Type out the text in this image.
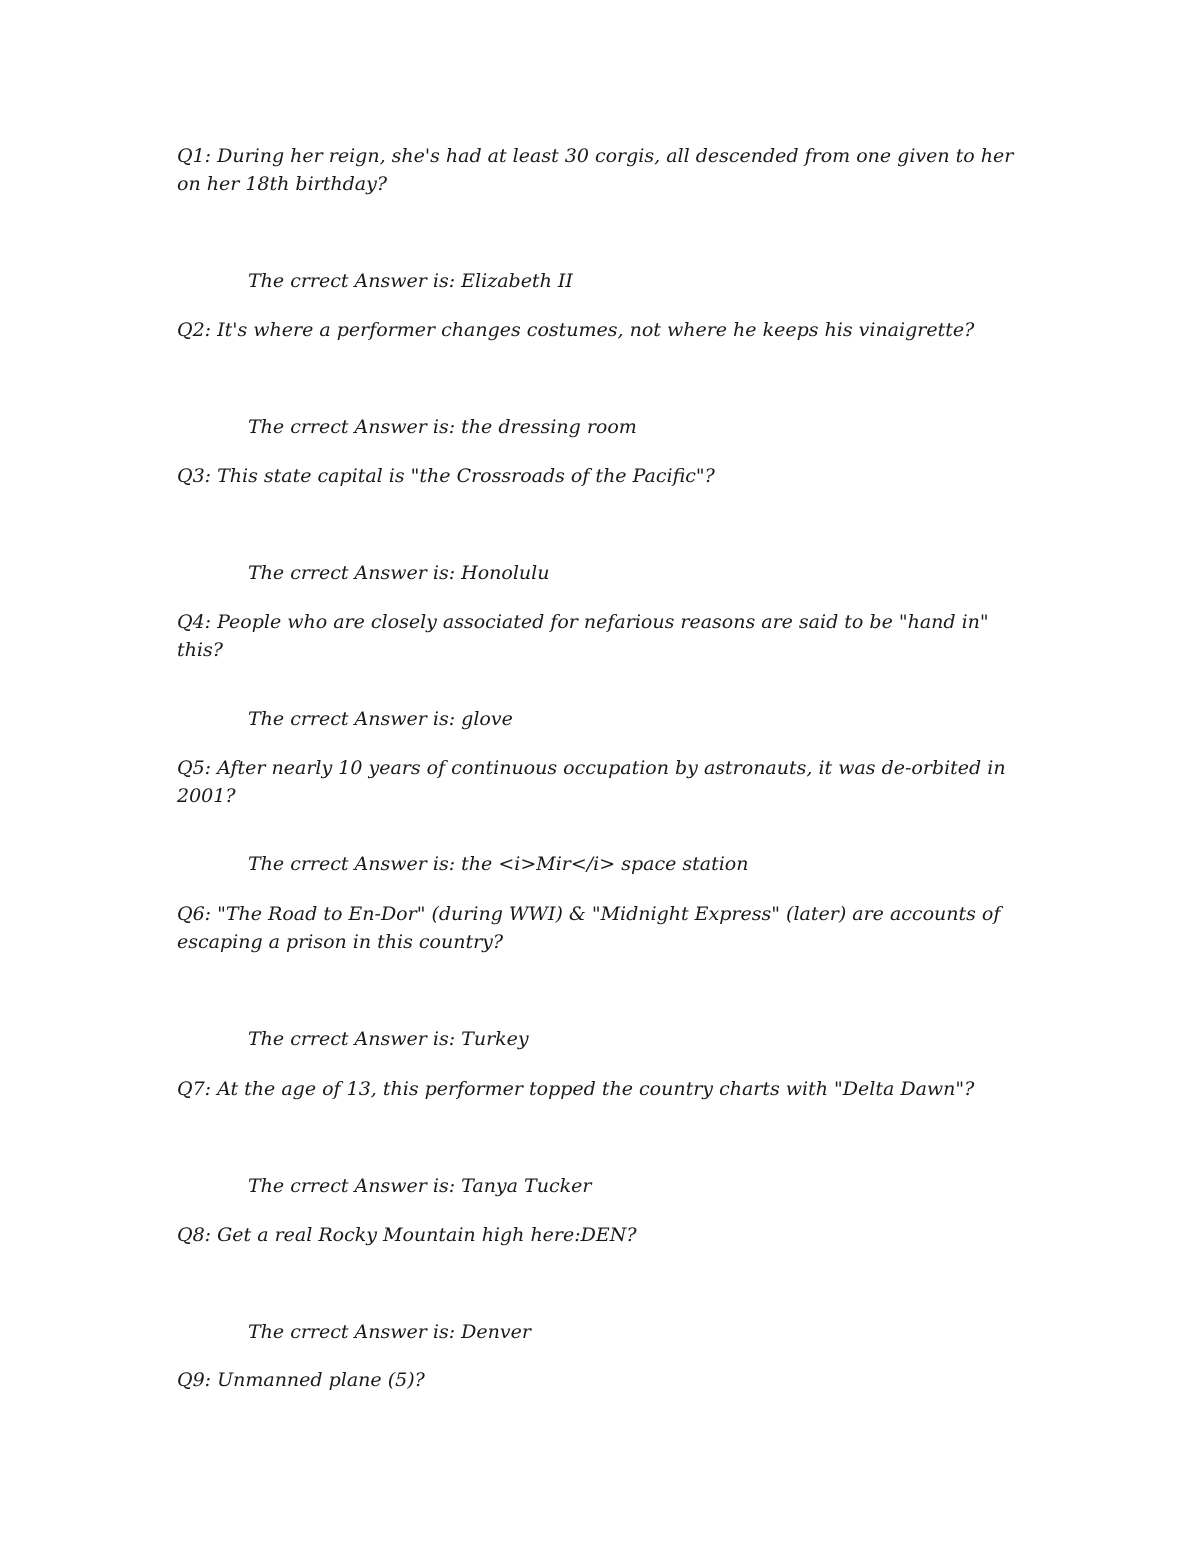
Q1: During her reign, she's had at least 30 corgis, all descended from one given to her on her 18th birthday?

The crrect Answer is: Elizabeth II

Q2: It's where a performer changes costumes, not where he keeps his vinaigrette?

The crrect Answer is: the dressing room

Q3: This state capital is "the Crossroads of the Pacific"?

The crrect Answer is: Honolulu

Q4: People who are closely associated for nefarious reasons are said to be "hand in" this?

The crrect Answer is: glove

Q5: After nearly 10 years of continuous occupation by astronauts, it was de-orbited in 2001?

The crrect Answer is: the <i>Mir</i> space station

Q6: "The Road to En-Dor" (during WWI) & "Midnight Express" (later) are accounts of escaping a prison in this country?

The crrect Answer is: Turkey

Q7: At the age of 13, this performer topped the country charts with "Delta Dawn"?

The crrect Answer is: Tanya Tucker

Q8: Get a real Rocky Mountain high here:DEN?

The crrect Answer is: Denver

Q9: Unmanned plane (5)?
